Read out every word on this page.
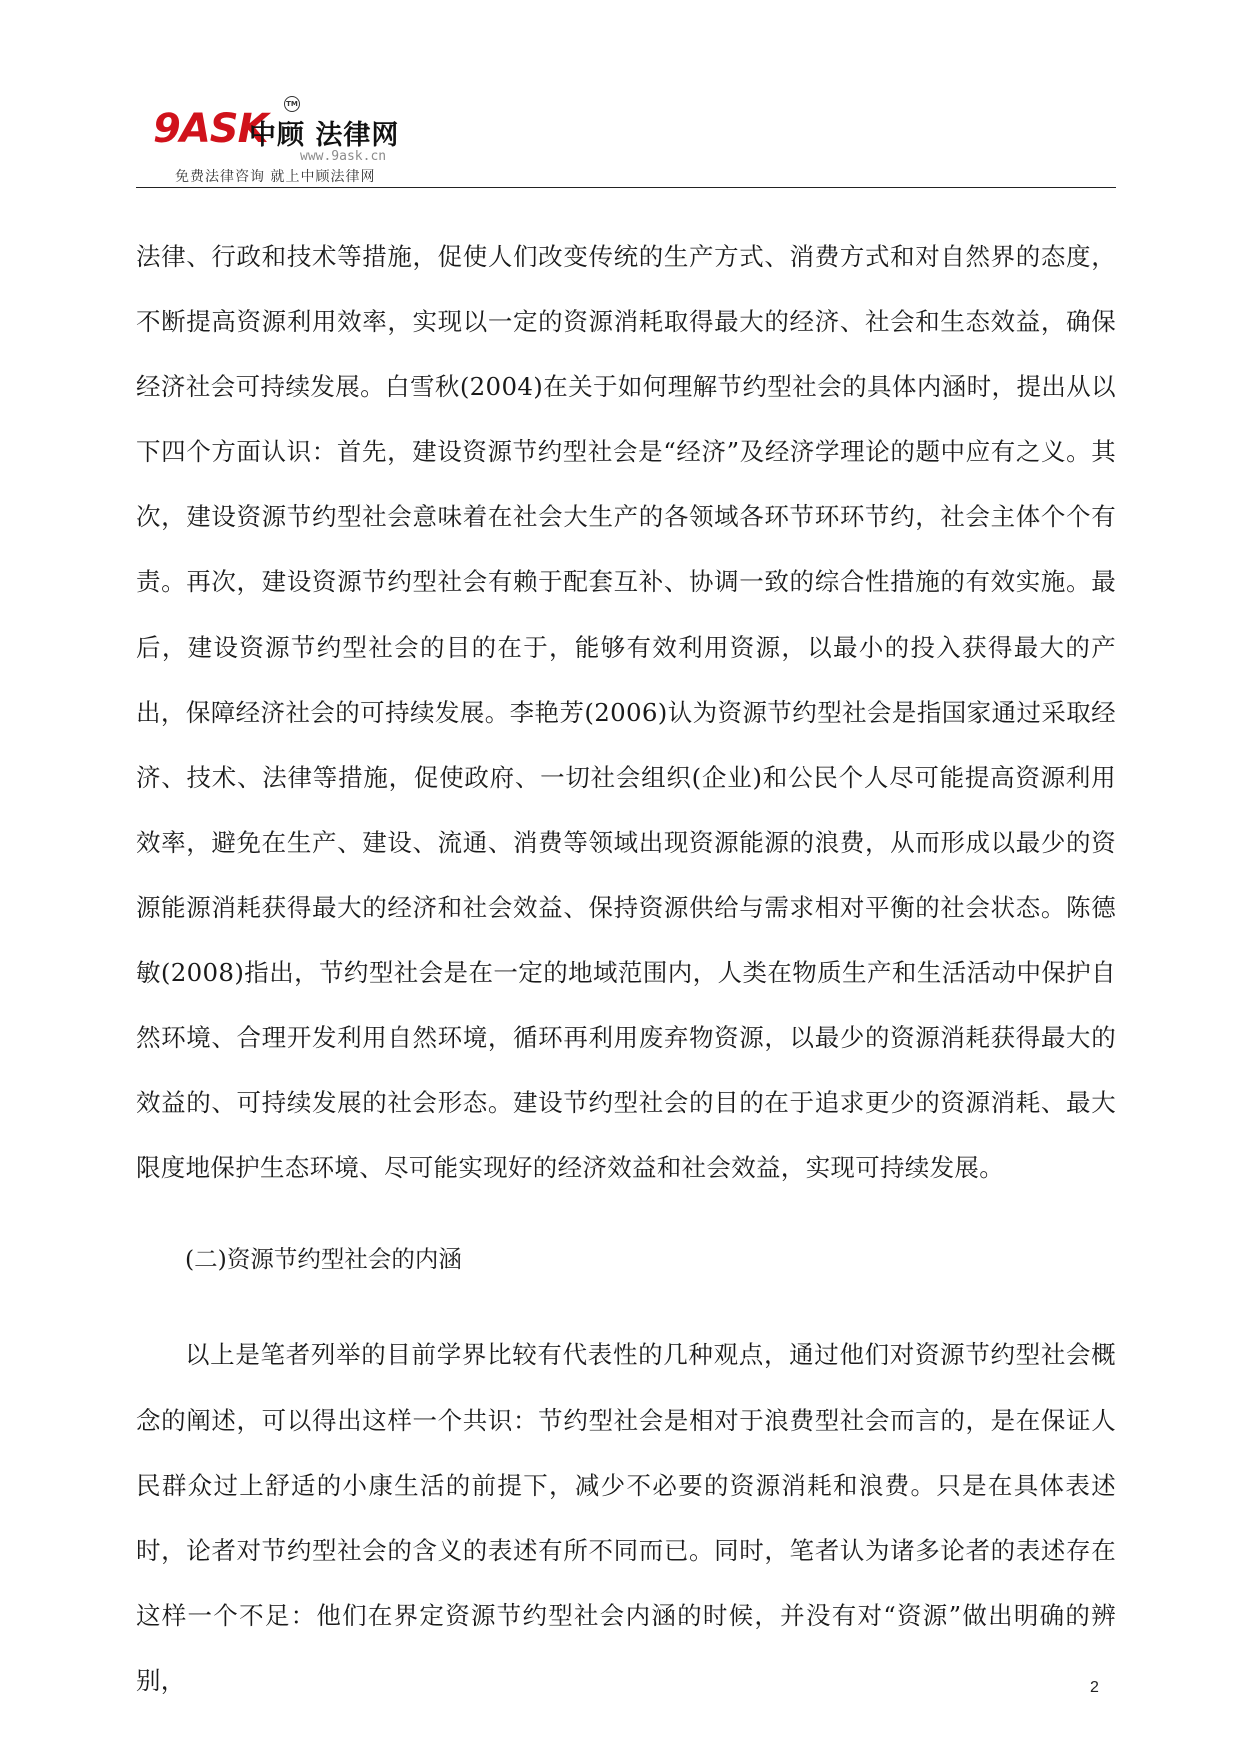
9ASK
中顾 法律网
TM
www.9ask.cn
免费法律咨询 就上中顾法律网

法律、行政和技术等措施，促使人们改变传统的生产方式、消费方式和对自然界的态度，不断提高资源利用效率，实现以一定的资源消耗取得最大的经济、社会和生态效益，确保经济社会可持续发展。白雪秋(2004)在关于如何理解节约型社会的具体内涵时，提出从以下四个方面认识：首先，建设资源节约型社会是“经济”及经济学理论的题中应有之义。其次，建设资源节约型社会意味着在社会大生产的各领域各环节环环节约，社会主体个个有责。再次，建设资源节约型社会有赖于配套互补、协调一致的综合性措施的有效实施。最后，建设资源节约型社会的目的在于，能够有效利用资源，以最小的投入获得最大的产出，保障经济社会的可持续发展。李艳芳(2006)认为资源节约型社会是指国家通过采取经济、技术、法律等措施，促使政府、一切社会组织(企业)和公民个人尽可能提高资源利用效率，避免在生产、建设、流通、消费等领域出现资源能源的浪费，从而形成以最少的资源能源消耗获得最大的经济和社会效益、保持资源供给与需求相对平衡的社会状态。陈德敏(2008)指出，节约型社会是在一定的地域范围内，人类在物质生产和生活活动中保护自然环境、合理开发利用自然环境，循环再利用废弃物资源，以最少的资源消耗获得最大的效益的、可持续发展的社会形态。建设节约型社会的目的在于追求更少的资源消耗、最大限度地保护生态环境、尽可能实现好的经济效益和社会效益，实现可持续发展。

(二)资源节约型社会的内涵

以上是笔者列举的目前学界比较有代表性的几种观点，通过他们对资源节约型社会概念的阐述，可以得出这样一个共识：节约型社会是相对于浪费型社会而言的，是在保证人民群众过上舒适的小康生活的前提下，减少不必要的资源消耗和浪费。只是在具体表述时，论者对节约型社会的含义的表述有所不同而已。同时，笔者认为诸多论者的表述存在这样一个不足：他们在界定资源节约型社会内涵的时候，并没有对“资源”做出明确的辨别，	2
